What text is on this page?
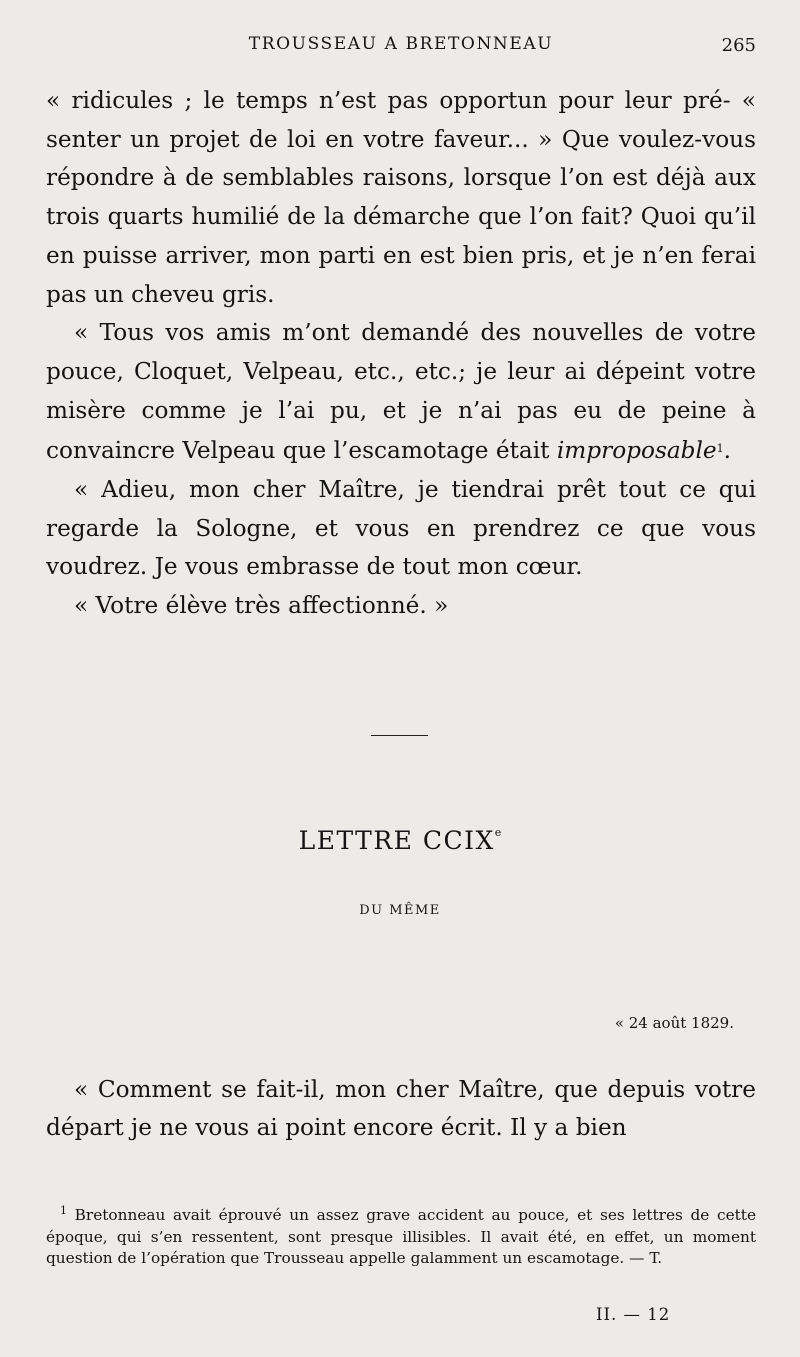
TROUSSEAU A BRETONNEAU	265

« ridicules ; le temps n’est pas opportun pour leur pré- « senter un projet de loi en votre faveur... » Que voulez-vous répondre à de semblables raisons, lorsque l’on est déjà aux trois quarts humilié de la démarche que l’on fait? Quoi qu’il en puisse arriver, mon parti en est bien pris, et je n’en ferai pas un cheveu gris.

« Tous vos amis m’ont demandé des nouvelles de votre pouce, Cloquet, Velpeau, etc., etc.; je leur ai dépeint votre misère comme je l’ai pu, et je n’ai pas eu de peine à convaincre Velpeau que l’escamotage était improposable$^1$.

« Adieu, mon cher Maître, je tiendrai prêt tout ce qui regarde la Sologne, et vous en prendrez ce que vous voudrez. Je vous embrasse de tout mon cœur.

« Votre élève très affectionné. »

LETTRE CCIXe
DU MÊME
« 24 août 1829.

« Comment se fait-il, mon cher Maître, que depuis votre départ je ne vous ai point encore écrit. Il y a bien

$^1$ Bretonneau avait éprouvé un assez grave accident au pouce, et ses lettres de cette époque, qui s’en ressentent, sont presque illisibles. Il avait été, en effet, un moment question de l’opération que Trousseau appelle galamment un escamotage. — T.

II. — 12
